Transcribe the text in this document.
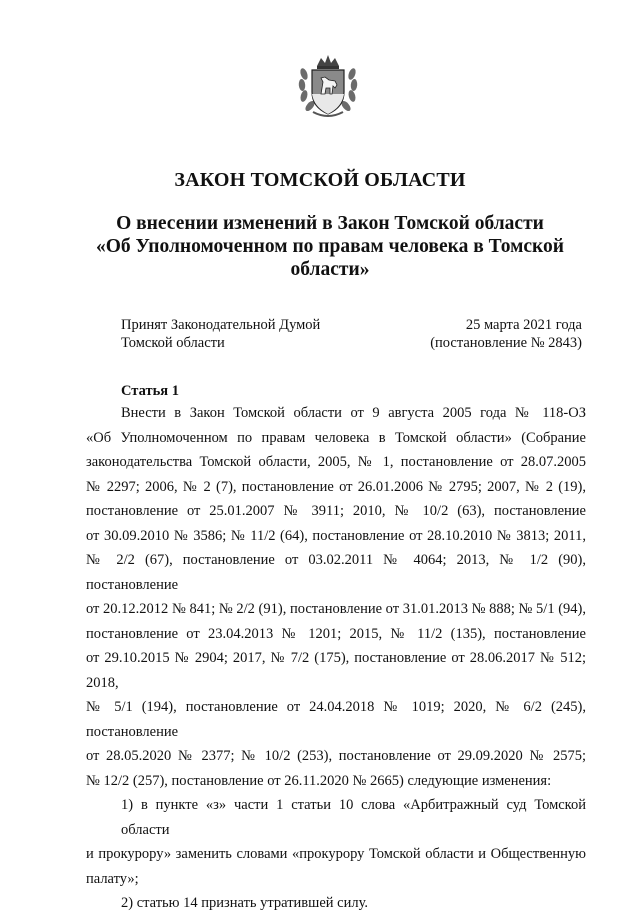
ЗАКОН ТОМСКОЙ ОБЛАСТИ
О внесении изменений в Закон Томской области
«Об Уполномоченном по правам человека в Томской
области»
Принят Законодательной Думой
Томской области
25 марта 2021 года
(постановление № 2843)
Статья 1
Внести в Закон Томской области от 9 августа 2005 года № 118-ОЗ
«Об Уполномоченном по правам человека в Томской области» (Собрание
законодательства Томской области, 2005, № 1, постановление от 28.07.2005
№ 2297; 2006, № 2 (7), постановление от 26.01.2006 № 2795; 2007, № 2 (19),
постановление от 25.01.2007 № 3911; 2010, № 10/2 (63), постановление
от 30.09.2010 № 3586; № 11/2 (64), постановление от 28.10.2010 № 3813; 2011,
№ 2/2 (67), постановление от 03.02.2011 № 4064; 2013, № 1/2 (90), постановление
от 20.12.2012 № 841; № 2/2 (91), постановление от 31.01.2013 № 888; № 5/1 (94),
постановление от 23.04.2013 № 1201; 2015, № 11/2 (135), постановление
от 29.10.2015 № 2904; 2017, № 7/2 (175), постановление от 28.06.2017 № 512; 2018,
№ 5/1 (194), постановление от 24.04.2018 № 1019; 2020, № 6/2 (245), постановление
от 28.05.2020 № 2377; № 10/2 (253), постановление от 29.09.2020 № 2575;
№ 12/2 (257), постановление от 26.11.2020 № 2665) следующие изменения:
1) в пункте «з» части 1 статьи 10 слова «Арбитражный суд Томской области
и прокурору» заменить словами «прокурору Томской области и Общественную
палату»;
2) статью 14 признать утратившей силу.
